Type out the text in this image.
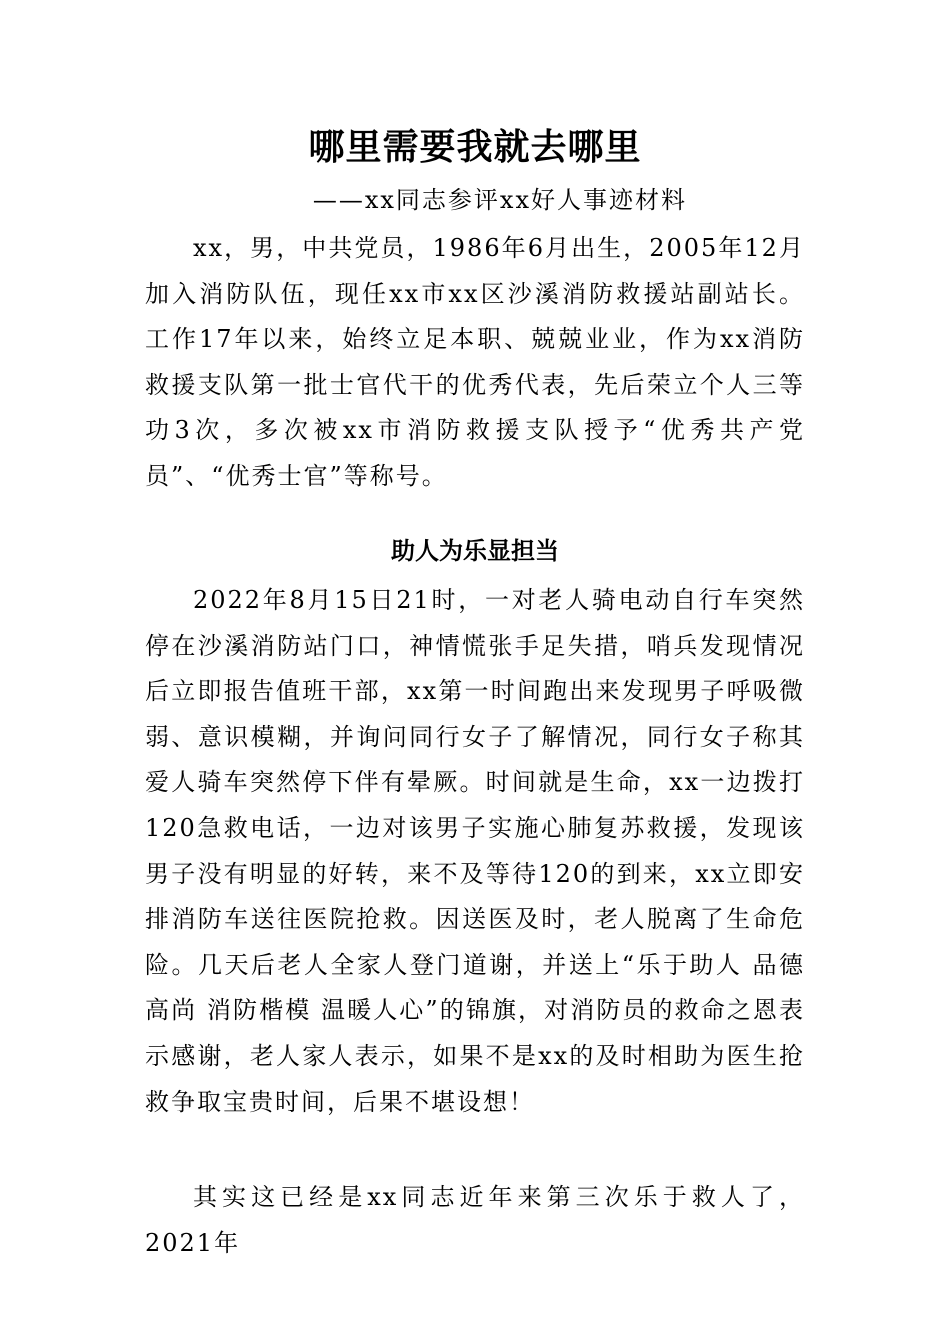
哪里需要我就去哪里
——xx同志参评xx好人事迹材料

xx，男，中共党员，1986年6月出生，2005年12月加入消防队伍，现任xx市xx区沙溪消防救援站副站长。工作17年以来，始终立足本职、兢兢业业，作为xx消防救援支队第一批士官代干的优秀代表，先后荣立个人三等功3次，多次被xx市消防救援支队授予“优秀共产党员”、“优秀士官”等称号。

助人为乐显担当

2022年8月15日21时，一对老人骑电动自行车突然停在沙溪消防站门口，神情慌张手足失措，哨兵发现情况后立即报告值班干部，xx第一时间跑出来发现男子呼吸微弱、意识模糊，并询问同行女子了解情况，同行女子称其爱人骑车突然停下伴有晕厥。时间就是生命，xx一边拨打120急救电话，一边对该男子实施心肺复苏救援，发现该男子没有明显的好转，来不及等待120的到来，xx立即安排消防车送往医院抢救。因送医及时，老人脱离了生命危险。几天后老人全家人登门道谢，并送上“乐于助人 品德高尚 消防楷模 温暖人心”的锦旗，对消防员的救命之恩表示感谢，老人家人表示，如果不是xx的及时相助为医生抢救争取宝贵时间，后果不堪设想！

其实这已经是xx同志近年来第三次乐于救人了，2021年
